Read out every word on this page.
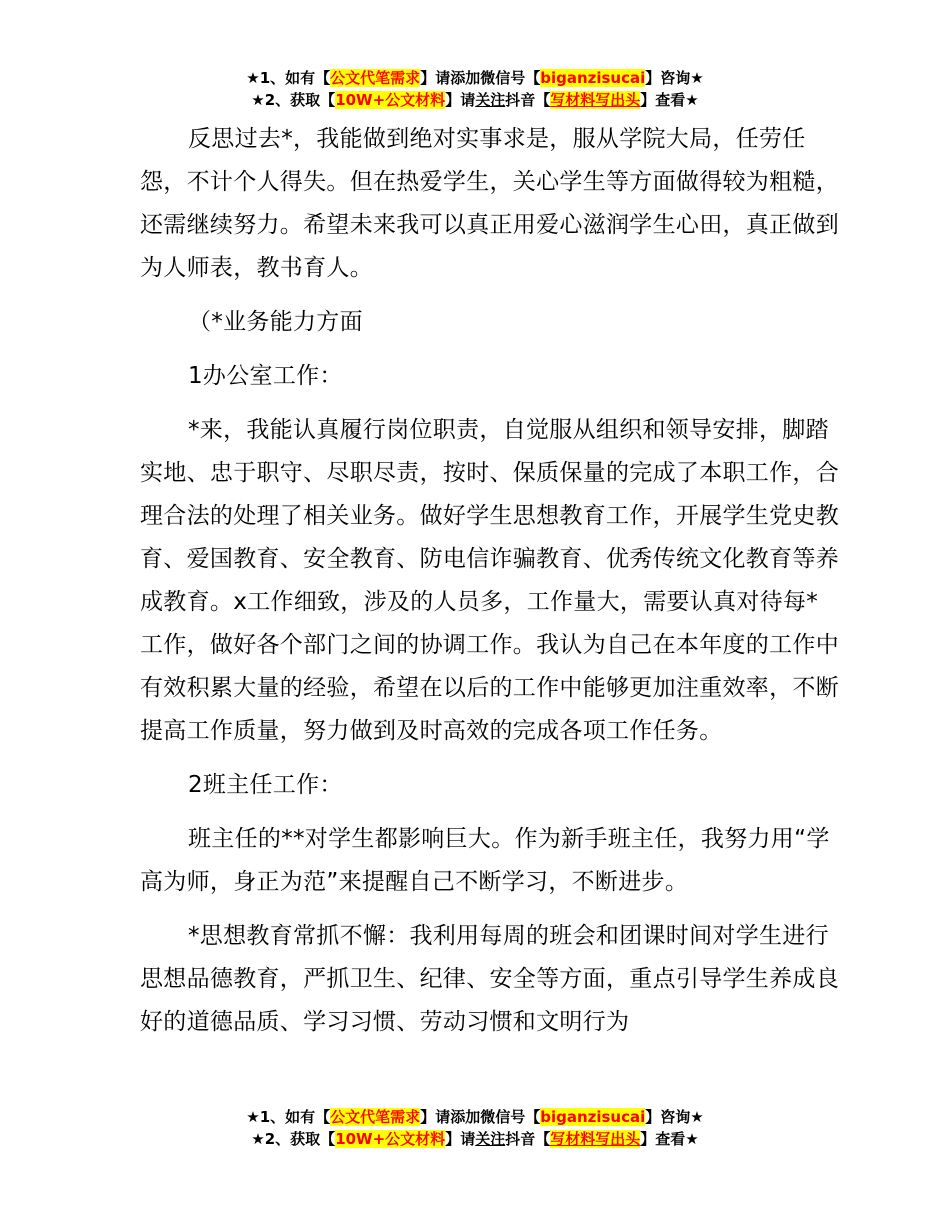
★1、如有【公文代笔需求】请添加微信号【biganzisucai】咨询★
★2、获取【10W+公文材料】请关注抖音【写材料写出头】查看★

反思过去*，我能做到绝对实事求是，服从学院大局，任劳任怨，不计个人得失。但在热爱学生，关心学生等方面做得较为粗糙，还需继续努力。希望未来我可以真正用爱心滋润学生心田，真正做到为人师表，教书育人。

（*业务能力方面

1办公室工作：

*来，我能认真履行岗位职责，自觉服从组织和领导安排，脚踏实地、忠于职守、尽职尽责，按时、保质保量的完成了本职工作，合理合法的处理了相关业务。做好学生思想教育工作，开展学生党史教育、爱国教育、安全教育、防电信诈骗教育、优秀传统文化教育等养成教育。x工作细致，涉及的人员多，工作量大，需要认真对待每*工作，做好各个部门之间的协调工作。我认为自己在本年度的工作中有效积累大量的经验，希望在以后的工作中能够更加注重效率，不断提高工作质量，努力做到及时高效的完成各项工作任务。

2班主任工作：

班主任的**对学生都影响巨大。作为新手班主任，我努力用“学高为师，身正为范”来提醒自己不断学习，不断进步。

*思想教育常抓不懈：我利用每周的班会和团课时间对学生进行思想品德教育，严抓卫生、纪律、安全等方面，重点引导学生养成良好的道德品质、学习习惯、劳动习惯和文明行为

★1、如有【公文代笔需求】请添加微信号【biganzisucai】咨询★
★2、获取【10W+公文材料】请关注抖音【写材料写出头】查看★
